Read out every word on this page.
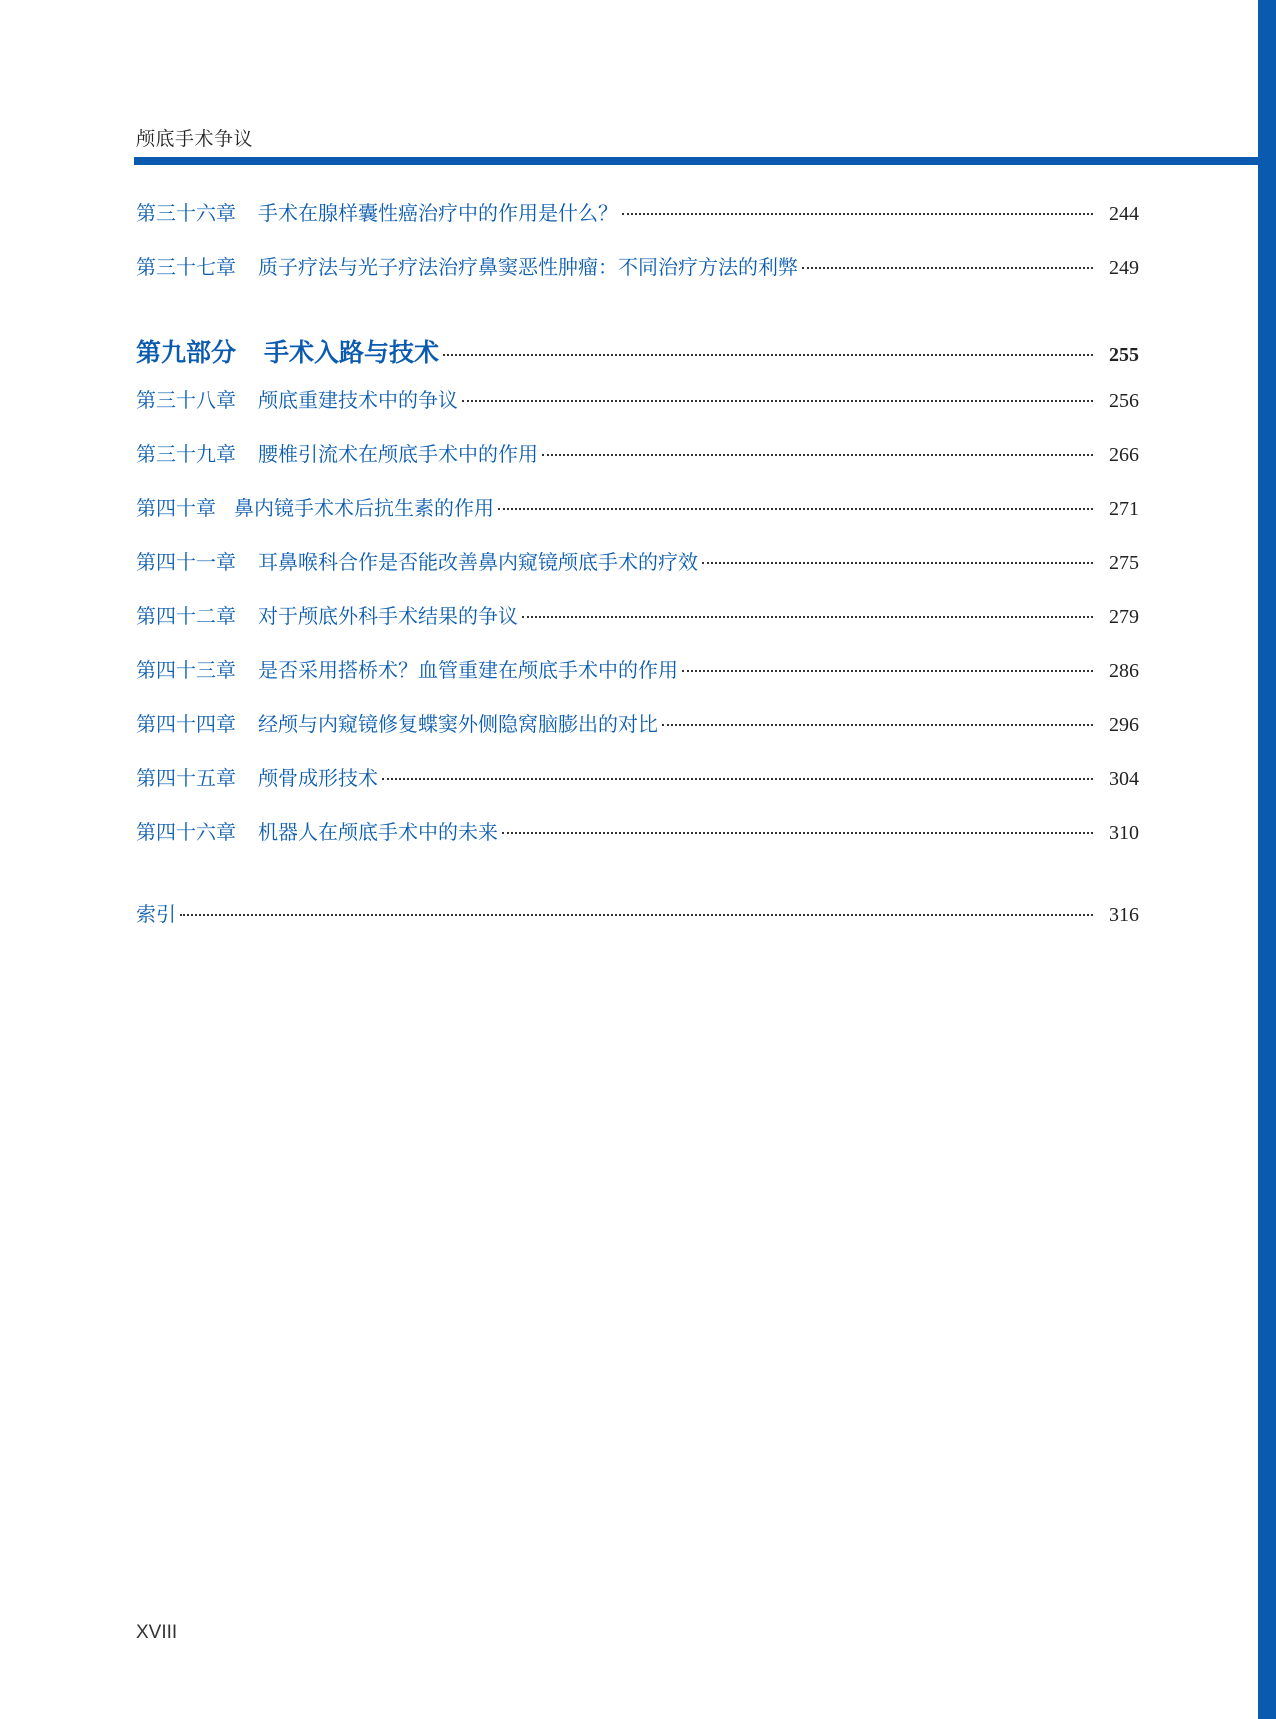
颅底手术争议
第三十六章 手术在腺样囊性癌治疗中的作用是什么？	244
第三十七章 质子疗法与光子疗法治疗鼻窦恶性肿瘤：不同治疗方法的利弊	249
第九部分 手术入路与技术	255
第三十八章 颅底重建技术中的争议	256
第三十九章 腰椎引流术在颅底手术中的作用	266
第四十章 鼻内镜手术术后抗生素的作用	271
第四十一章 耳鼻喉科合作是否能改善鼻内窥镜颅底手术的疗效	275
第四十二章 对于颅底外科手术结果的争议	279
第四十三章 是否采用搭桥术？血管重建在颅底手术中的作用	286
第四十四章 经颅与内窥镜修复蝶窦外侧隐窝脑膨出的对比	296
第四十五章 颅骨成形技术	304
第四十六章 机器人在颅底手术中的未来	310
索引	316
XVIII
